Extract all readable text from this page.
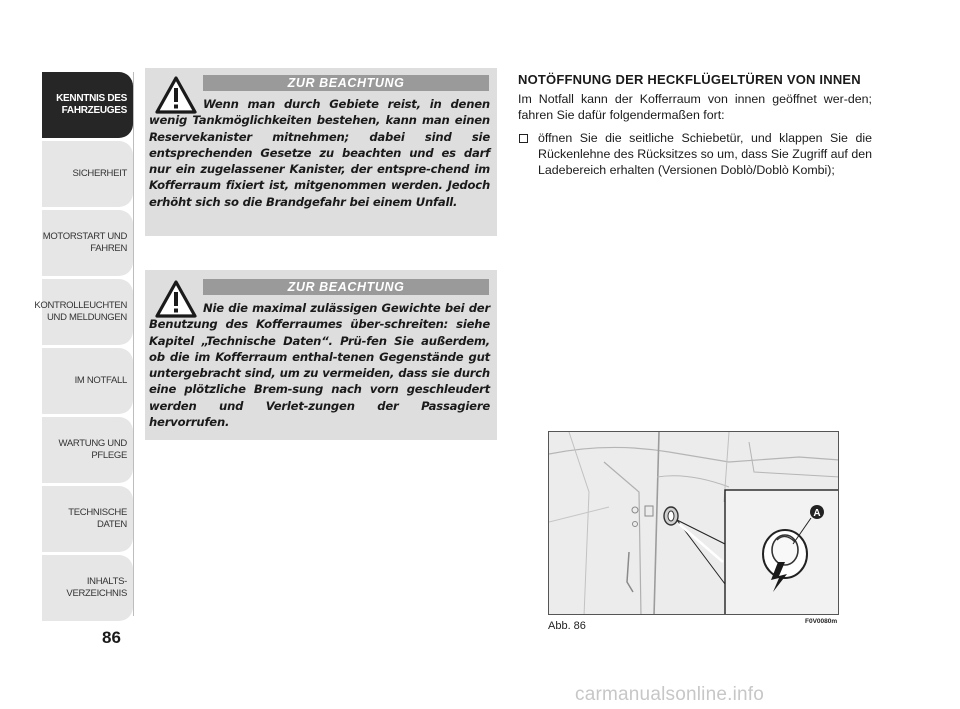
KENNTNIS DES FAHRZEUGES
SICHERHEIT
MOTORSTART UND FAHREN
KONTROLLEUCHTEN UND MELDUNGEN
IM NOTFALL
WARTUNG UND PFLEGE
TECHNISCHE DATEN
INHALTS-VERZEICHNIS
86
ZUR BEACHTUNG

Wenn man durch Gebiete reist, in denen wenig Tankmöglichkeiten bestehen, kann man einen Reservekanister mitnehmen; dabei sind sie entsprechenden Gesetze zu beachten und es darf nur ein zugelassener Kanister, der entspre-chend im Kofferraum fixiert ist, mitgenommen werden. Jedoch erhöht sich so die Brandgefahr bei einem Unfall.

ZUR BEACHTUNG

Nie die maximal zulässigen Gewichte bei der Benutzung des Kofferraumes über-schreiten: siehe Kapitel „Technische Daten“. Prü-fen Sie außerdem, ob die im Kofferraum enthal-tenen Gegenstände gut untergebracht sind, um zu vermeiden, dass sie durch eine plötzliche Brem-sung nach vorn geschleudert werden und Verlet-zungen der Passagiere hervorrufen.

NOTÖFFNUNG DER HECKFLÜGELTÜREN VON INNEN

Im Notfall kann der Kofferraum von innen geöffnet wer-den; fahren Sie dafür folgendermaßen fort:

öffnen Sie die seitliche Schiebetür, und klappen Sie die Rückenlehne des Rücksitzes so um, dass Sie Zugriff auf den Ladebereich erhalten (Versionen Doblò/Doblò Kombi);
A
Abb. 86	F0V0080m
carmanualsonline.info
